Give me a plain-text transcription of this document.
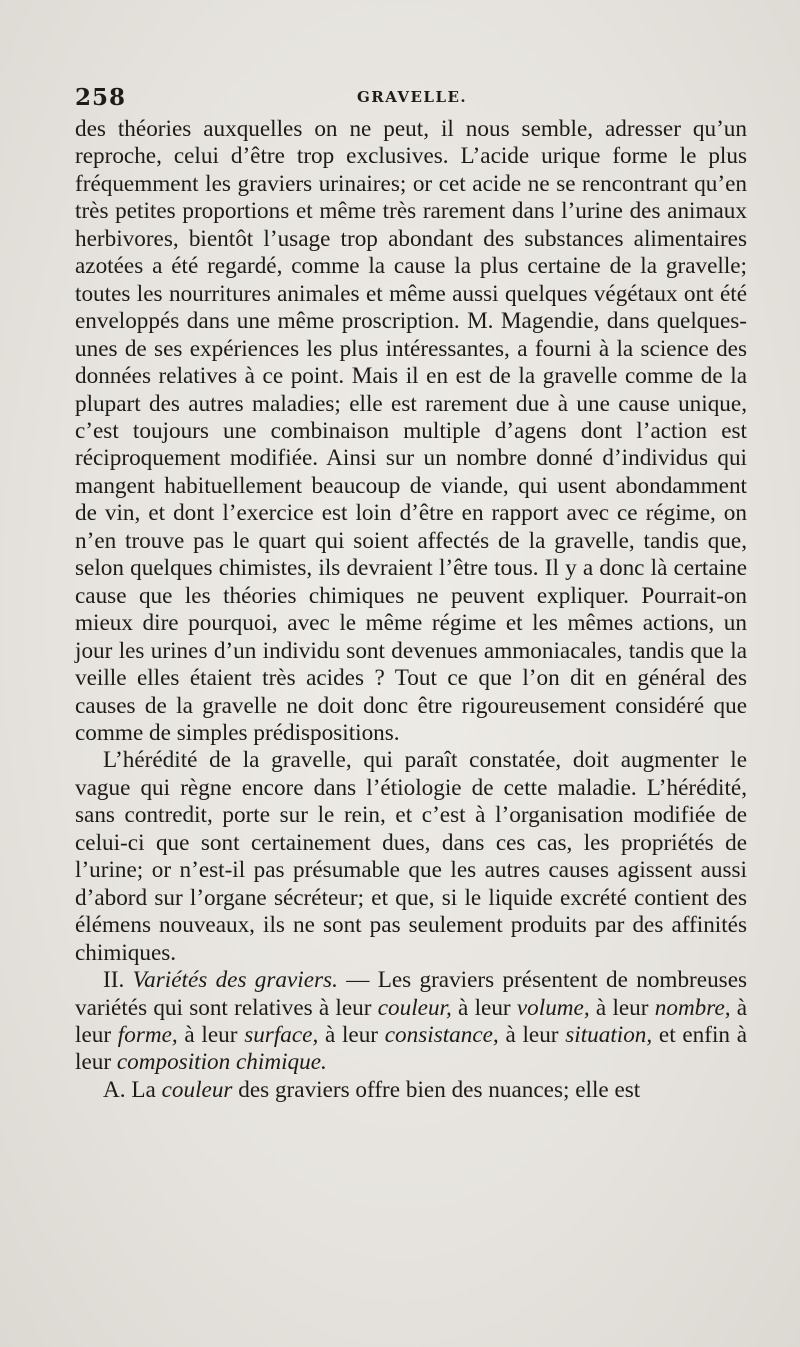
258	GRAVELLE.

des théories auxquelles on ne peut, il nous semble, adresser qu’un reproche, celui d’être trop exclusives. L’acide urique forme le plus fréquemment les graviers urinaires; or cet acide ne se rencontrant qu’en très petites proportions et même très rarement dans l’urine des animaux herbivores, bientôt l’usage trop abondant des substances alimentaires azotées a été regardé, comme la cause la plus certaine de la gravelle; toutes les nourritures animales et même aussi quelques végétaux ont été enveloppés dans une même proscription. M. Magendie, dans quelques-unes de ses expériences les plus intéressantes, a fourni à la science des données relatives à ce point. Mais il en est de la gravelle comme de la plupart des autres maladies; elle est rarement due à une cause unique, c’est toujours une combinaison multiple d’agens dont l’action est réciproquement modifiée. Ainsi sur un nombre donné d’individus qui mangent habituellement beaucoup de viande, qui usent abondamment de vin, et dont l’exercice est loin d’être en rapport avec ce régime, on n’en trouve pas le quart qui soient affectés de la gravelle, tandis que, selon quelques chimistes, ils devraient l’être tous. Il y a donc là certaine cause que les théories chimiques ne peuvent expliquer. Pourrait-on mieux dire pourquoi, avec le même régime et les mêmes actions, un jour les urines d’un individu sont devenues ammoniacales, tandis que la veille elles étaient très acides ? Tout ce que l’on dit en général des causes de la gravelle ne doit donc être rigoureusement considéré que comme de simples prédispositions.

L’hérédité de la gravelle, qui paraît constatée, doit augmenter le vague qui règne encore dans l’étiologie de cette maladie. L’hérédité, sans contredit, porte sur le rein, et c’est à l’organisation modifiée de celui-ci que sont certainement dues, dans ces cas, les propriétés de l’urine; or n’est-il pas présumable que les autres causes agissent aussi d’abord sur l’organe sécréteur; et que, si le liquide excrété contient des élémens nouveaux, ils ne sont pas seulement produits par des affinités chimiques.

II. Variétés des graviers. — Les graviers présentent de nombreuses variétés qui sont relatives à leur couleur, à leur volume, à leur nombre, à leur forme, à leur surface, à leur consistance, à leur situation, et enfin à leur composition chimique.

A. La couleur des graviers offre bien des nuances; elle est
